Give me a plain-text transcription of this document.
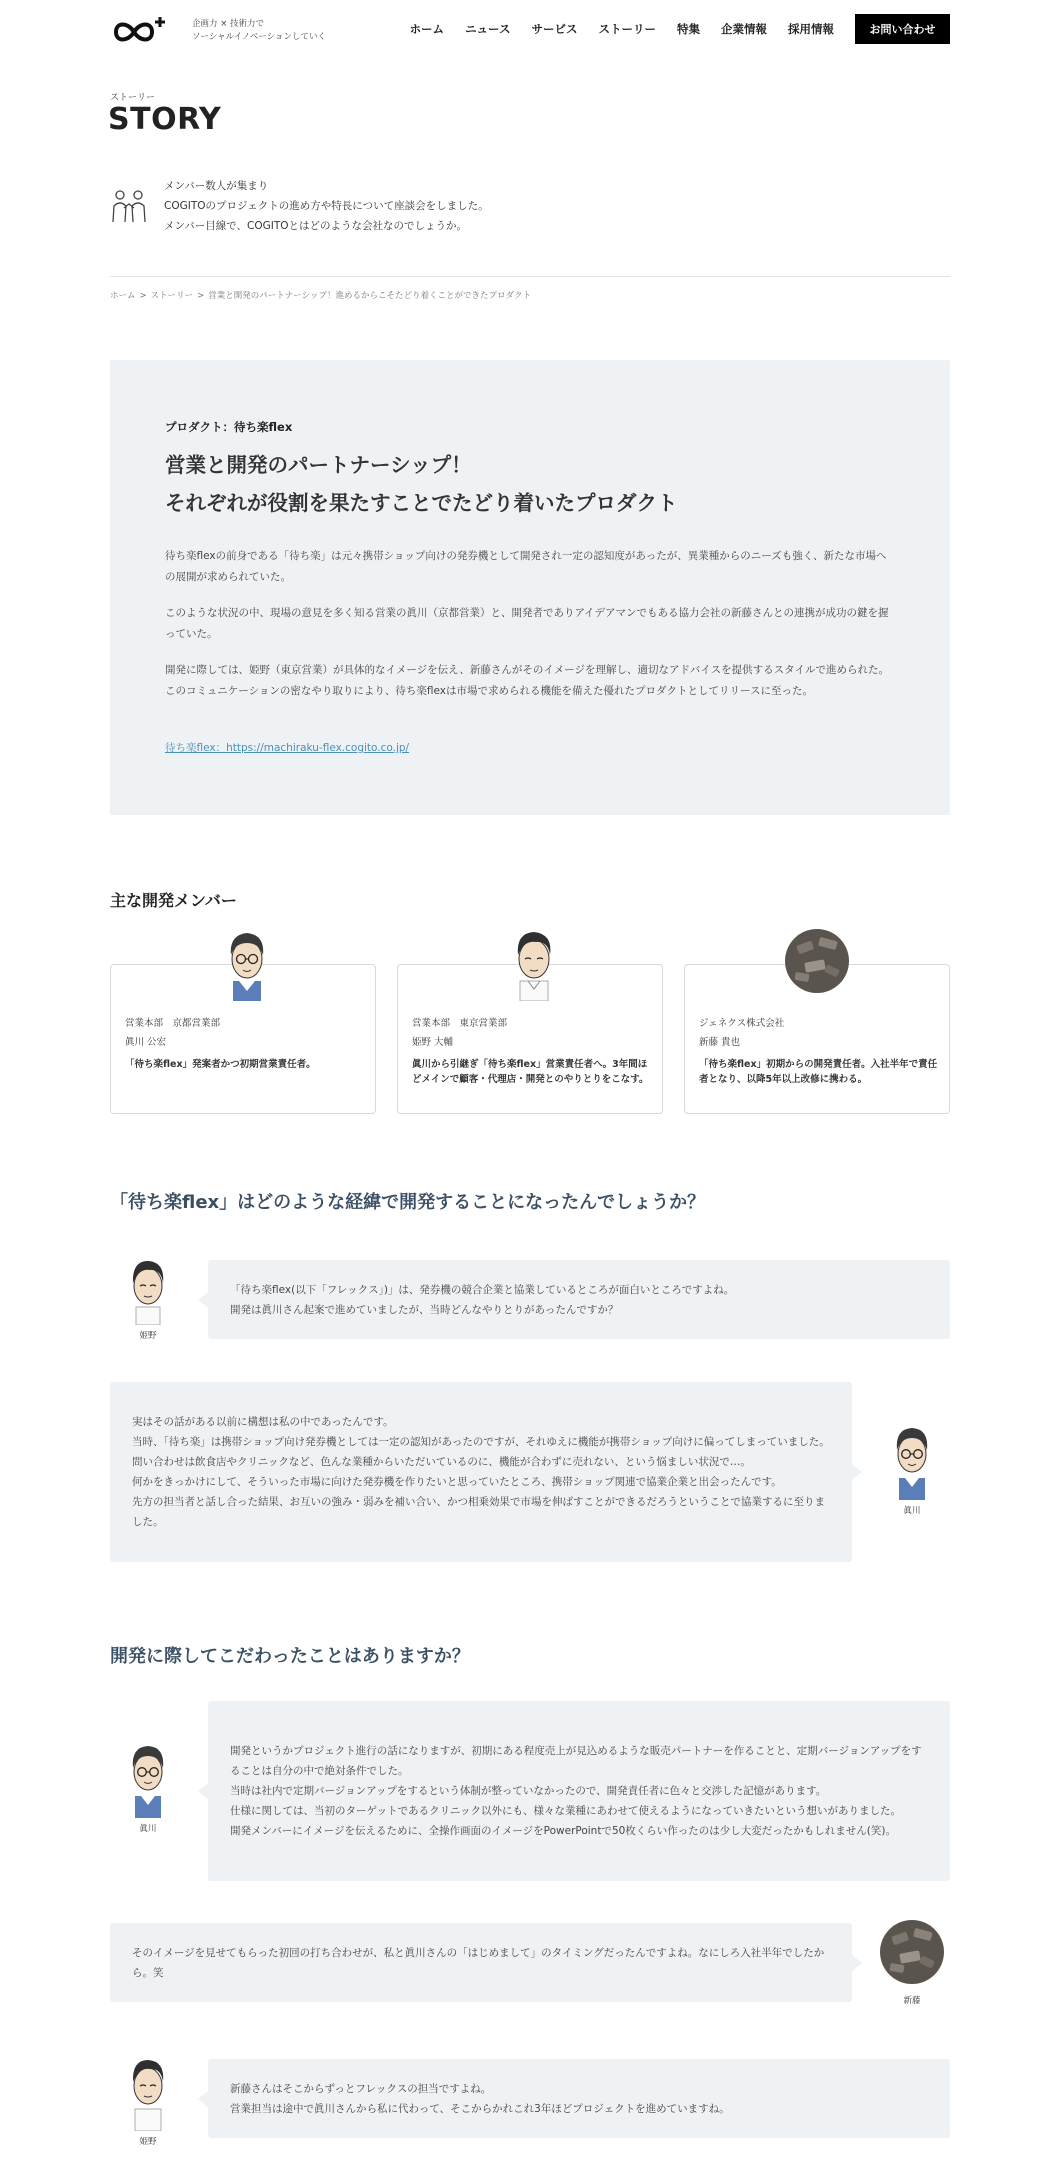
企画力 × 技術力で
ソーシャルイノベーションしていく
ホーム ニュース サービス ストーリー 特集 企業情報 採用情報	お問い合わせ
ストーリー
STORY
メンバー数人が集まり
COGITOのプロジェクトの進め方や特長について座談会をしました。
メンバー目線で、COGITOとはどのような会社なのでしょうか。
ホーム > ストーリー > 営業と開発のパートナーシップ！進めるからこそたどり着くことができたプロダクト
プロダクト：待ち楽flex
営業と開発のパートナーシップ！
それぞれが役割を果たすことでたどり着いたプロダクト

待ち楽flexの前身である「待ち楽」は元々携帯ショップ向けの発券機として開発され一定の認知度があったが、異業種からのニーズも強く、新たな市場への展開が求められていた。

このような状況の中、現場の意見を多く知る営業の眞川（京都営業）と、開発者でありアイデアマンでもある協力会社の新藤さんとの連携が成功の鍵を握っていた。

開発に際しては、姫野（東京営業）が具体的なイメージを伝え、新藤さんがそのイメージを理解し、適切なアドバイスを提供するスタイルで進められた。このコミュニケーションの密なやり取りにより、待ち楽flexは市場で求められる機能を備えた優れたプロダクトとしてリリースに至った。

待ち楽flex：https://machiraku-flex.cogito.co.jp/
主な開発メンバー
営業本部　京都営業部
眞川 公宏
「待ち楽flex」発案者かつ初期営業責任者。
営業本部　東京営業部
姫野 大輔
眞川から引継ぎ「待ち楽flex」営業責任者へ。3年間ほどメインで顧客・代理店・開発とのやりとりをこなす。
ジェネクス株式会社
新藤 貴也
「待ち楽flex」初期からの開発責任者。入社半年で責任者となり、以降5年以上改修に携わる。
「待ち楽flex」はどのような経緯で開発することになったんでしょうか？
姫野
「待ち楽flex(以下「フレックス」)」は、発券機の競合企業と協業しているところが面白いところですよね。
開発は眞川さん起案で進めていましたが、当時どんなやりとりがあったんですか？
実はその話がある以前に構想は私の中であったんです。
当時、「待ち楽」は携帯ショップ向け発券機としては一定の認知があったのですが、それゆえに機能が携帯ショップ向けに偏ってしまっていました。
問い合わせは飲食店やクリニックなど、色んな業種からいただいているのに、機能が合わずに売れない、という悩ましい状況で…。
何かをきっかけにして、そういった市場に向けた発券機を作りたいと思っていたところ、携帯ショップ関連で協業企業と出会ったんです。
先方の担当者と話し合った結果、お互いの強み・弱みを補い合い、かつ相乗効果で市場を伸ばすことができるだろうということで協業するに至りました。
眞川
開発に際してこだわったことはありますか？
眞川
開発というかプロジェクト進行の話になりますが、初期にある程度売上が見込めるような販売パートナーを作ることと、定期バージョンアップをすることは自分の中で絶対条件でした。
当時は社内で定期バージョンアップをするという体制が整っていなかったので、開発責任者に色々と交渉した記憶があります。
仕様に関しては、当初のターゲットであるクリニック以外にも、様々な業種にあわせて使えるようになっていきたいという想いがありました。
開発メンバーにイメージを伝えるために、全操作画面のイメージをPowerPointで50枚くらい作ったのは少し大変だったかもしれません(笑)。
そのイメージを見せてもらった初回の打ち合わせが、私と眞川さんの「はじめまして」のタイミングだったんですよね。なにしろ入社半年でしたから。笑
新藤
姫野
新藤さんはそこからずっとフレックスの担当ですよね。
営業担当は途中で眞川さんから私に代わって、そこからかれこれ3年ほどプロジェクトを進めていますね。
